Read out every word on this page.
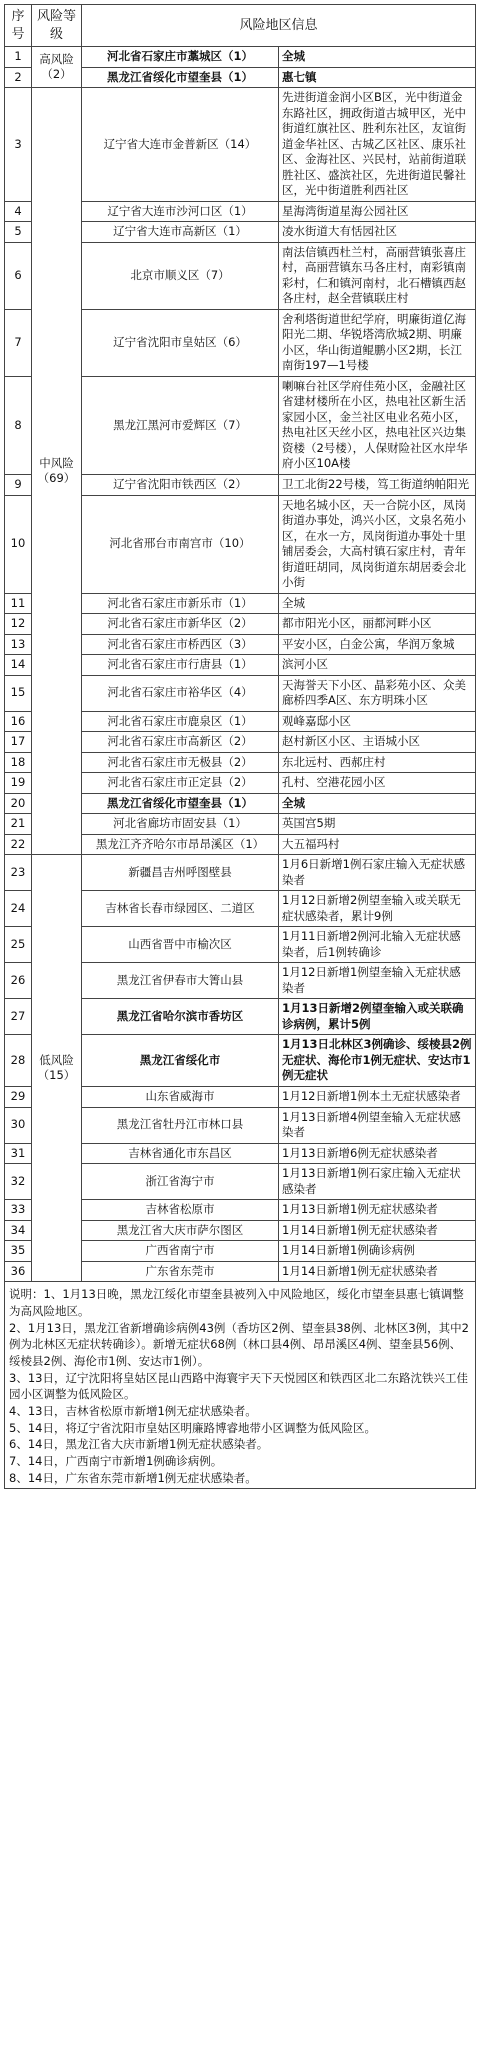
序号	风险等级	风险地区信息	
1	高风险（2）	河北省石家庄市藁城区（1）	全城
2		黑龙江省绥化市望奎县（1）	惠七镇
3	中风险（69）	辽宁省大连市金普新区（14）	先进街道金润小区B区，光中街道金东路社区，拥政街道古城甲区，光中街道红旗社区、胜利东社区，友谊街道金华社区、古城乙区社区、康乐社区、金海社区、兴民村，站前街道联胜社区、盛滨社区，先进街道民馨社区，光中街道胜利西社区
4		辽宁省大连市沙河口区（1）	星海湾街道星海公园社区
5		辽宁省大连市高新区（1）	凌水街道大有恬园社区
6		北京市顺义区（7）	南法信镇西杜兰村，高丽营镇张喜庄村，高丽营镇东马各庄村，南彩镇南彩村，仁和镇河南村，北石槽镇西赵各庄村，赵全营镇联庄村
7		辽宁省沈阳市皇姑区（6）	舍利塔街道世纪学府，明廉街道亿海阳光二期、华锐塔湾欣城2期、明廉小区，华山街道鲲鹏小区2期，长江南街197—1号楼
8		黑龙江黑河市爱辉区（7）	喇嘛台社区学府佳苑小区，金融社区省建材楼所在小区，热电社区新生活家园小区，金兰社区电业名苑小区，热电社区天丝小区，热电社区兴边集资楼（2号楼），人保财险社区水岸华府小区10A楼
9		辽宁省沈阳市铁西区（2）	卫工北街22号楼，笃工街道纳帕阳光
10		河北省邢台市南宫市（10）	天地名城小区，天一合院小区，凤岗街道办事处，鸿兴小区，文泉名苑小区，在水一方，凤岗街道办事处十里铺居委会，大高村镇石家庄村，青年街道旺胡同，凤岗街道东胡居委会北小街
11		河北省石家庄市新乐市（1）	全城
12		河北省石家庄市新华区（2）	都市阳光小区，丽都河畔小区
13		河北省石家庄市桥西区（3）	平安小区，白金公寓，华润万象城
14		河北省石家庄市行唐县（1）	滨河小区
15		河北省石家庄市裕华区（4）	天海誉天下小区、晶彩苑小区、众美廊桥四季A区、东方明珠小区
16		河北省石家庄市鹿泉区（1）	观峰嘉邸小区
17		河北省石家庄市高新区（2）	赵村新区小区、主语城小区
18		河北省石家庄市无极县（2）	东北远村、西郝庄村
19		河北省石家庄市正定县（2）	孔村、空港花园小区
20		黑龙江省绥化市望奎县（1）	全城
21		河北省廊坊市固安县（1）	英国宫5期
22		黑龙江齐齐哈尔市昂昂溪区（1）	大五福玛村
23	低风险（15）	新疆昌吉州呼图壁县	1月6日新增1例石家庄输入无症状感染者
24		吉林省长春市绿园区、二道区	1月12日新增2例望奎输入或关联无症状感染者，累计9例
25		山西省晋中市榆次区	1月11日新增2例河北输入无症状感染者，后1例转确诊
26		黑龙江省伊春市大箐山县	1月12日新增1例望奎输入无症状感染者
27		黑龙江省哈尔滨市香坊区	1月13日新增2例望奎输入或关联确诊病例，累计5例
28		黑龙江省绥化市	1月13日北林区3例确诊、绥棱县2例无症状、海伦市1例无症状、安达市1例无症状
29		山东省威海市	1月12日新增1例本土无症状感染者
30		黑龙江省牡丹江市林口县	1月13日新增4例望奎输入无症状感染者
31		吉林省通化市东昌区	1月13日新增6例无症状感染者
32		浙江省海宁市	1月13日新增1例石家庄输入无症状感染者
33		吉林省松原市	1月13日新增1例无症状感染者
34		黑龙江省大庆市萨尔图区	1月14日新增1例无症状感染者
35		广西省南宁市	1月14日新增1例确诊病例
36		广东省东莞市	1月14日新增1例无症状感染者

说明：1、1月13日晚，黑龙江绥化市望奎县被列入中风险地区，绥化市望奎县惠七镇调整为高风险地区。

2、1月13日，黑龙江省新增确诊病例43例（香坊区2例、望奎县38例、北林区3例，其中2例为北林区无症状转确诊）。新增无症状68例（林口县4例、昂昂溪区4例、望奎县56例、绥棱县2例、海伦市1例、安达市1例）。

3、13日，辽宁沈阳将皇姑区昆山西路中海寰宇天下天悦园区和铁西区北二东路沈铁兴工佳园小区调整为低风险区。

4、13日，吉林省松原市新增1例无症状感染者。

5、14日，将辽宁省沈阳市皇姑区明廉路博睿地带小区调整为低风险区。

6、14日，黑龙江省大庆市新增1例无症状感染者。

7、14日，广西南宁市新增1例确诊病例。

8、14日，广东省东莞市新增1例无症状感染者。
